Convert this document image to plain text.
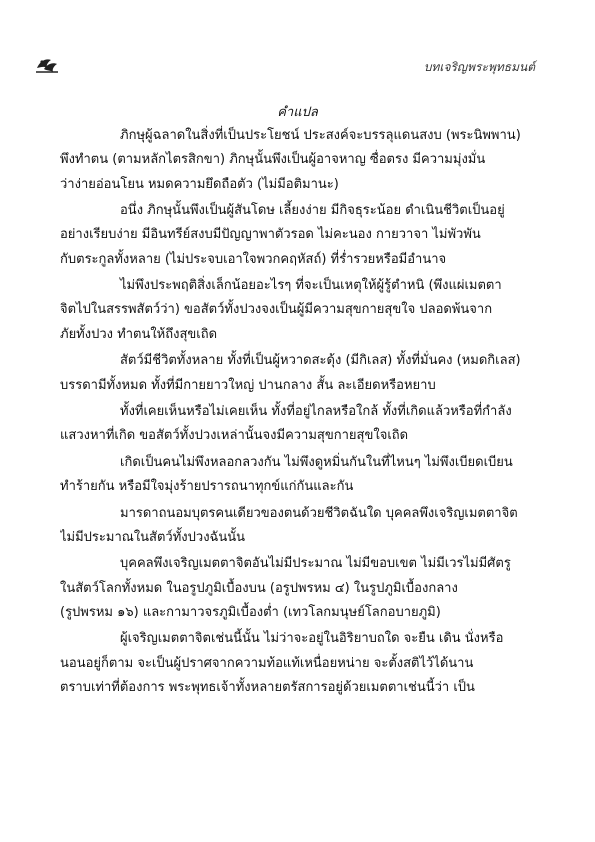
บทเจริญพระพุทธมนต์
คำแปล

ภิกษุผู้ฉลาดในสิ่งที่เป็นประโยชน์ ประสงค์จะบรรลุแดนสงบ (พระนิพพาน)
พึงทำตน (ตามหลักไตรสิกขา) ภิกษุนั้นพึงเป็นผู้อาจหาญ ซื่อตรง มีความมุ่งมั่น
ว่าง่ายอ่อนโยน หมดความยึดถือตัว (ไม่มีอติมานะ)

อนึ่ง ภิกษุนั้นพึงเป็นผู้สันโดษ เลี้ยงง่าย มีกิจธุระน้อย ดำเนินชีวิตเป็นอยู่
อย่างเรียบง่าย มีอินทรีย์สงบมีปัญญาพาตัวรอด ไม่คะนอง กายวาจา ไม่พัวพัน
กับตระกูลทั้งหลาย (ไม่ประจบเอาใจพวกคฤหัสถ์) ที่ร่ำรวยหรือมีอำนาจ

ไม่พึงประพฤติสิ่งเล็กน้อยอะไรๆ ที่จะเป็นเหตุให้ผู้รู้ตำหนิ (พึงแผ่เมตตา
จิตไปในสรรพสัตว์ว่า) ขอสัตว์ทั้งปวงจงเป็นผู้มีความสุขกายสุขใจ ปลอดพ้นจาก
ภัยทั้งปวง ทำตนให้ถึงสุขเถิด

สัตว์มีชีวิตทั้งหลาย ทั้งที่เป็นผู้หวาดสะดุ้ง (มีกิเลส) ทั้งที่มั่นคง (หมดกิเลส)
บรรดามีทั้งหมด ทั้งที่มีกายยาวใหญ่ ปานกลาง สั้น ละเอียดหรือหยาบ

ทั้งที่เคยเห็นหรือไม่เคยเห็น ทั้งที่อยู่ไกลหรือใกล้ ทั้งที่เกิดแล้วหรือที่กำลัง
แสวงหาที่เกิด ขอสัตว์ทั้งปวงเหล่านั้นจงมีความสุขกายสุขใจเถิด

เกิดเป็นคนไม่พึงหลอกลวงกัน ไม่พึงดูหมิ่นกันในที่ไหนๆ ไม่พึงเบียดเบียน
ทำร้ายกัน หรือมีใจมุ่งร้ายปรารถนาทุกข์แก่กันและกัน

มารดาถนอมบุตรคนเดียวของตนด้วยชีวิตฉันใด บุคคลพึงเจริญเมตตาจิต
ไม่มีประมาณในสัตว์ทั้งปวงฉันนั้น

บุคคลพึงเจริญเมตตาจิตอันไม่มีประมาณ ไม่มีขอบเขต ไม่มีเวรไม่มีศัตรู
ในสัตว์โลกทั้งหมด ในอรูปภูมิเบื้องบน (อรูปพรหม ๔) ในรูปภูมิเบื้องกลาง
(รูปพรหม ๑๖) และกามาวจรภูมิเบื้องต่ำ (เทวโลกมนุษย์โลกอบายภูมิ)

ผู้เจริญเมตตาจิตเช่นนี้นั้น ไม่ว่าจะอยู่ในอิริยาบถใด จะยืน เดิน นั่งหรือ
นอนอยู่ก็ตาม จะเป็นผู้ปราศจากความท้อแท้เหนื่อยหน่าย จะตั้งสติไว้ได้นาน
ตราบเท่าที่ต้องการ พระพุทธเจ้าทั้งหลายตรัสการอยู่ด้วยเมตตาเช่นนี้ว่า เป็น
